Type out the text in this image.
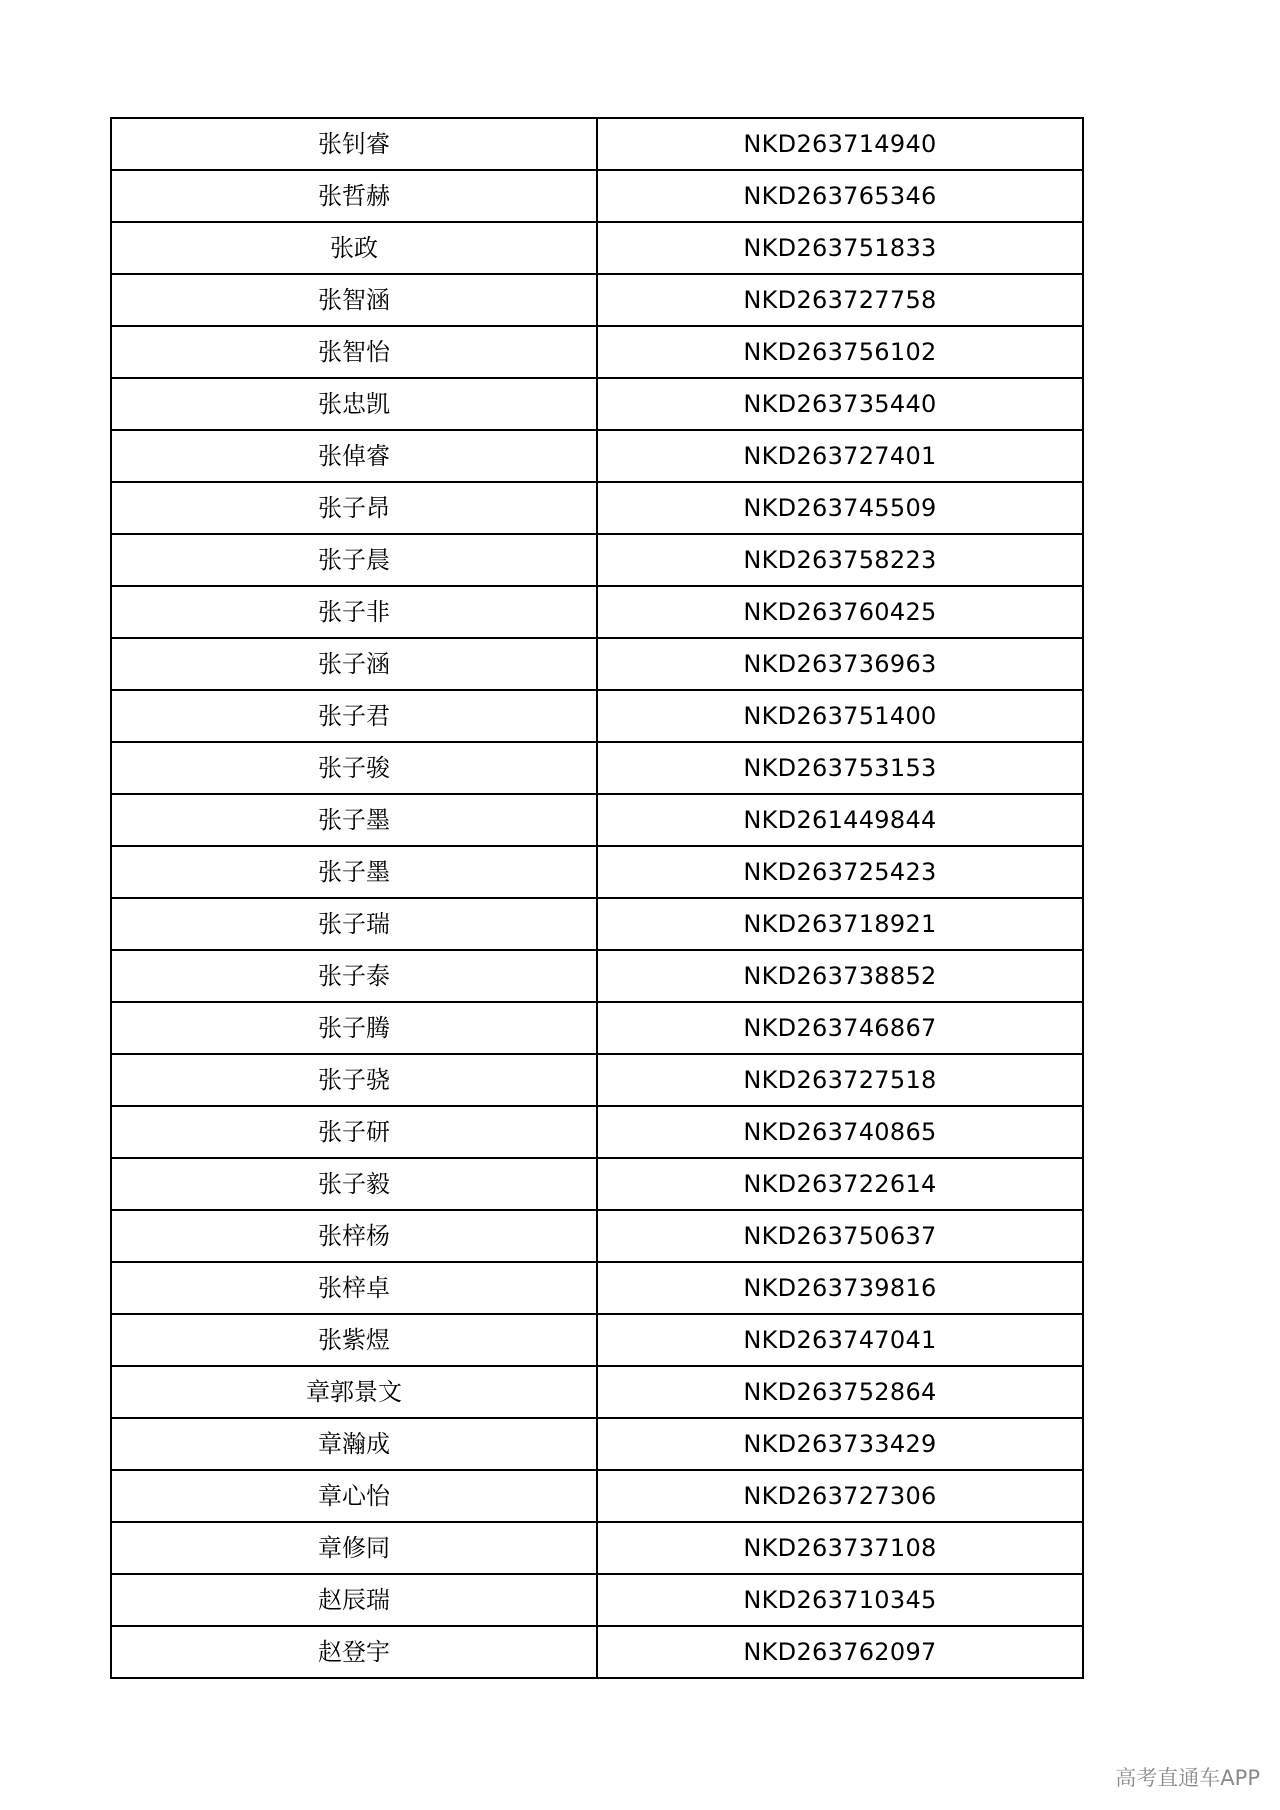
张钊睿	NKD263714940
张哲赫	NKD263765346
张政	NKD263751833
张智涵	NKD263727758
张智怡	NKD263756102
张忠凯	NKD263735440
张倬睿	NKD263727401
张子昂	NKD263745509
张子晨	NKD263758223
张子非	NKD263760425
张子涵	NKD263736963
张子君	NKD263751400
张子骏	NKD263753153
张子墨	NKD261449844
张子墨	NKD263725423
张子瑞	NKD263718921
张子泰	NKD263738852
张子腾	NKD263746867
张子骁	NKD263727518
张子研	NKD263740865
张子毅	NKD263722614
张梓杨	NKD263750637
张梓卓	NKD263739816
张紫煜	NKD263747041
章郭景文	NKD263752864
章瀚成	NKD263733429
章心怡	NKD263727306
章修同	NKD263737108
赵辰瑞	NKD263710345
赵登宇	NKD263762097
高考直通车APP
